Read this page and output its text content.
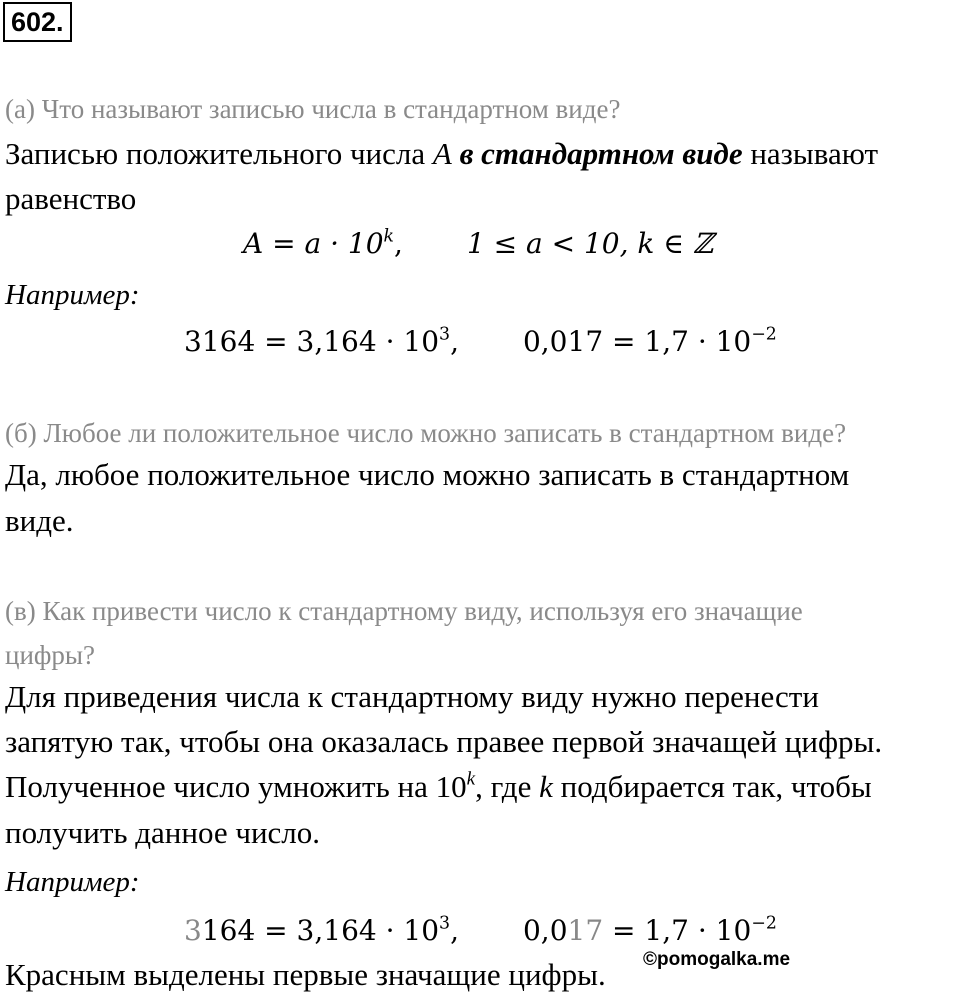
602.
(а) Что называют записью числа в стандартном виде?
Записью положительного числа A в стандартном виде называют
равенство
$A = a \cdot 10^k$, 1 ≤ a < 10, k ∈ ℤ
Например:
$3164 = 3,164 \cdot 10^3$, $0,017 = 1,7 \cdot 10^{-2}$
(б) Любое ли положительное число можно записать в стандартном виде?
Да, любое положительное число можно записать в стандартном
виде.
(в) Как привести число к стандартному виду, используя его значащие
цифры?
Для приведения числа к стандартному виду нужно перенести
запятую так, чтобы она оказалась правее первой значащей цифры.
Полученное число умножить на 10$^k$, где k подбирается так, чтобы
получить данное число.
Например:
$3164 = 3,164 \cdot 10^3$, $0,017 = 1,7 \cdot 10^{-2}$
Красным выделены первые значащие цифры. ©pomogalka.me
